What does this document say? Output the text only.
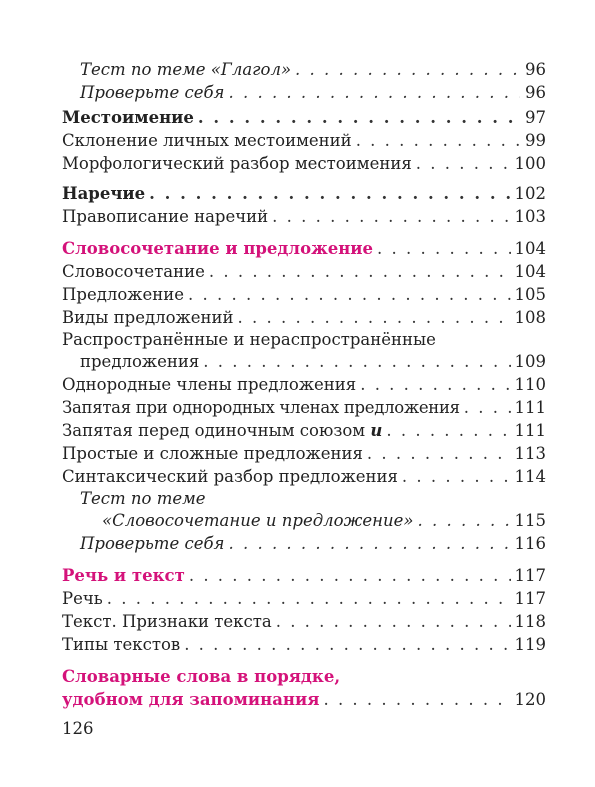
Тест по теме «Глагол» . . .	96
Проверьте себя . . .	96
Местоимение . . .	97
Склонение личных местоимений . . .	99
Морфологический разбор местоимения . . .	100
Наречие . . .	102
Правописание наречий . . .	103
Словосочетание и предложение . . .	104
Словосочетание . . .	104
Предложение . . .	105
Виды предложений . . .	108
Распространённые и нераспространённые
предложения . . .	109
Однородные члены предложения . . .	110
Запятая при однородных членах предложения . . .	111
Запятая перед одиночным союзом и . . .	111
Простые и сложные предложения . . .	113
Синтаксический разбор предложения . . .	114
Тест по теме
«Словосочетание и предложение» . . .	115
Проверьте себя . . .	116
Речь и текст . . .	117
Речь . . .	117
Текст. Признаки текста . . .	118
Типы текстов . . .	119
Словарные слова в порядке,
удобном для запоминания . . .	120
126
